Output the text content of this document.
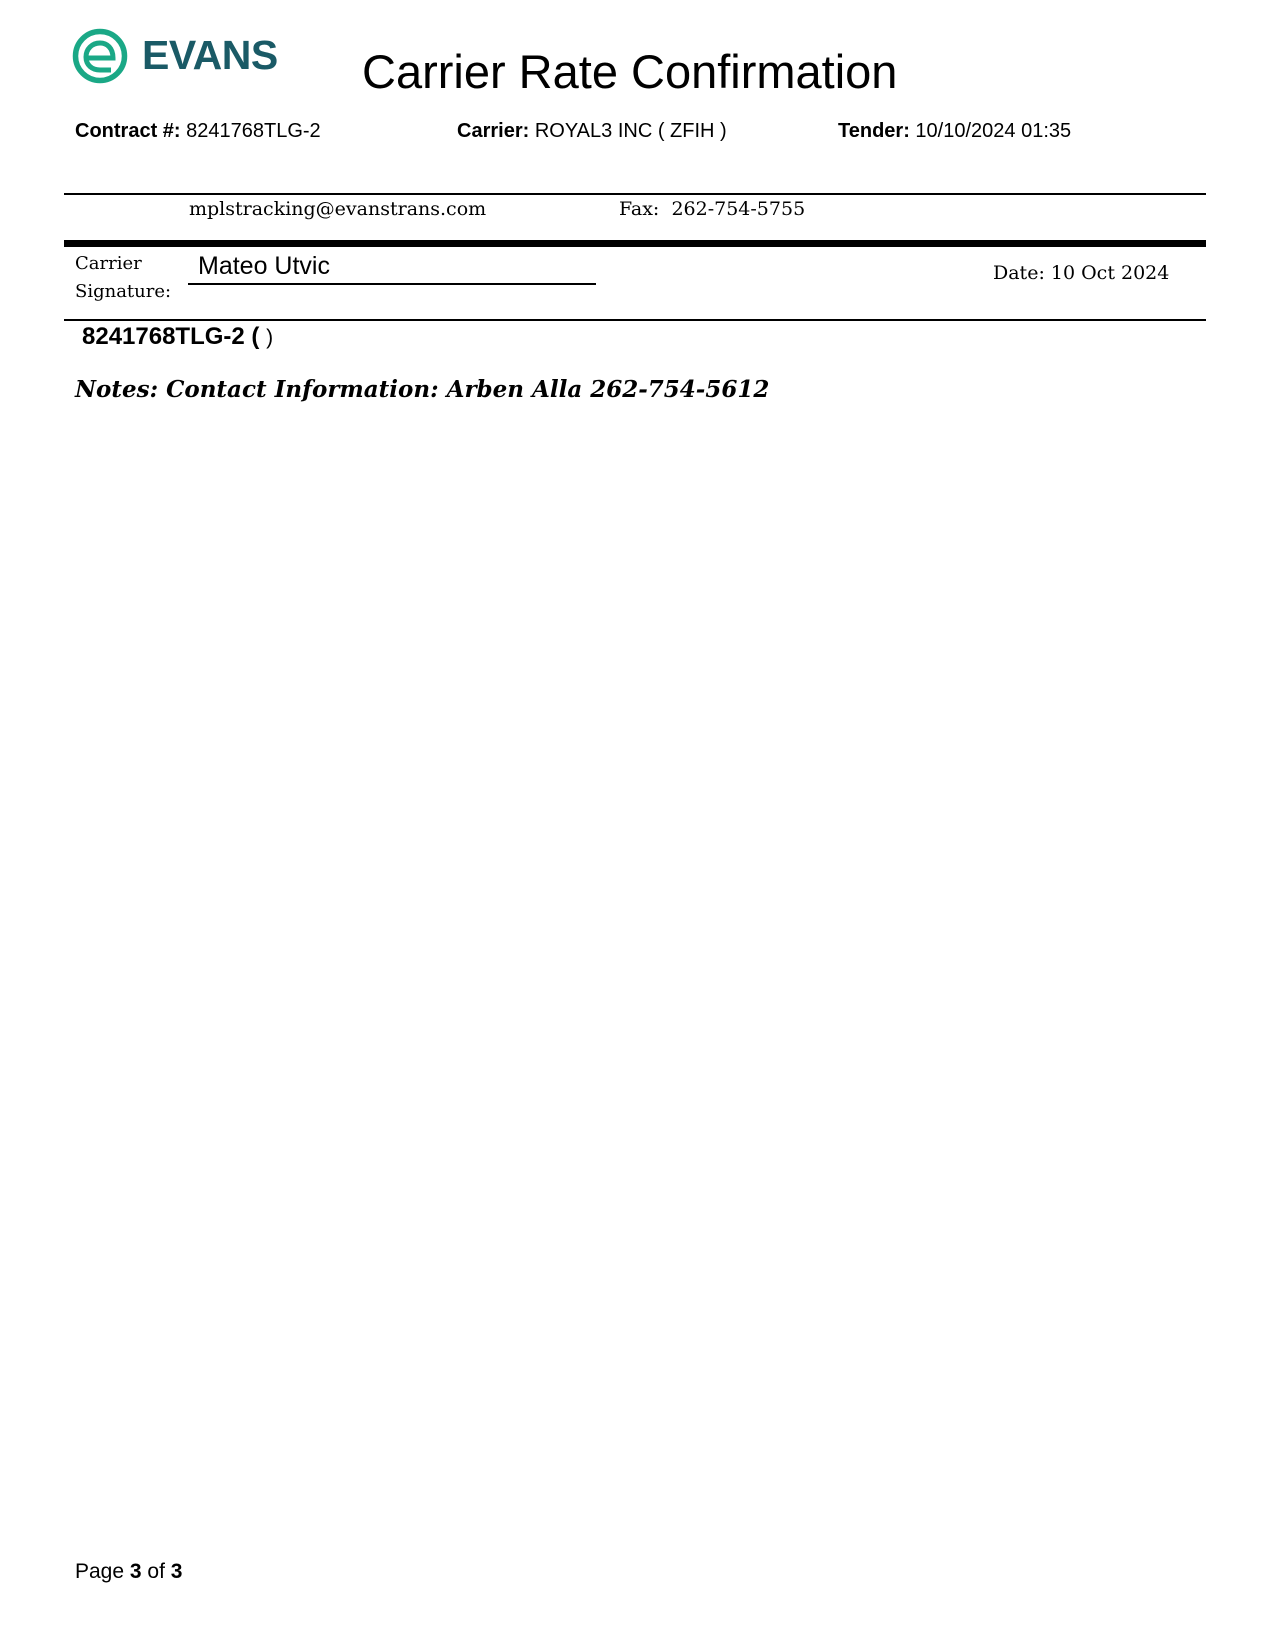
EVANS Carrier Rate Confirmation
Contract #: 8241768TLG-2	Carrier: ROYAL3 INC ( ZFIH )	Tender: 10/10/2024 01:35
mplstracking@evanstrans.com	Fax: 262-754-5755
Carrier
Signature:
Mateo Utvic	Date: 10 Oct 2024
8241768TLG-2 ( )
Notes: Contact Information: Arben Alla 262-754-5612
Page 3 of 3
